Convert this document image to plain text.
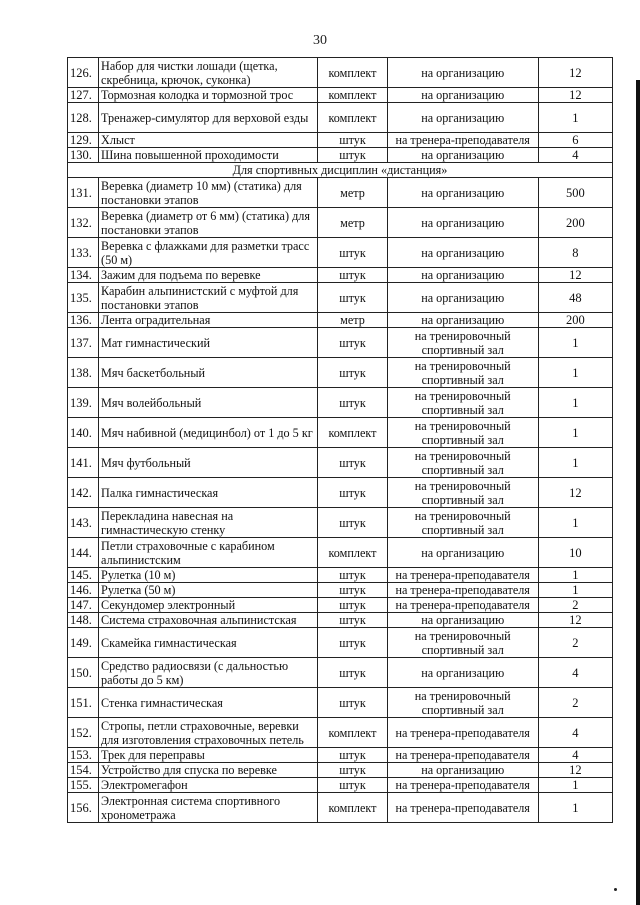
30
126.	Набор для чистки лошади (щетка, скребница, крючок, суконка)	комплект	на организацию	12
127.	Тормозная колодка и тормозной трос	комплект	на организацию	12
128.	Тренажер-симулятор для верховой езды	комплект	на организацию	1
129.	Хлыст	штук	на тренера-преподавателя	6
130.	Шина повышенной проходимости	штук	на организацию	4
Для спортивных дисциплин «дистанция»				
131.	Веревка (диаметр 10 мм) (статика) для постановки этапов	метр	на организацию	500
132.	Веревка (диаметр от 6 мм) (статика) для постановки этапов	метр	на организацию	200
133.	Веревка с флажками для разметки трасс (50 м)	штук	на организацию	8
134.	Зажим для подъема по веревке	штук	на организацию	12
135.	Карабин альпинистский с муфтой для постановки этапов	штук	на организацию	48
136.	Лента оградительная	метр	на организацию	200
137.	Мат гимнастический	штук	на тренировочный спортивный зал	1
138.	Мяч баскетбольный	штук	на тренировочный спортивный зал	1
139.	Мяч волейбольный	штук	на тренировочный спортивный зал	1
140.	Мяч набивной (медицинбол) от 1 до 5 кг	комплект	на тренировочный спортивный зал	1
141.	Мяч футбольный	штук	на тренировочный спортивный зал	1
142.	Палка гимнастическая	штук	на тренировочный спортивный зал	12
143.	Перекладина навесная на гимнастическую стенку	штук	на тренировочный спортивный зал	1
144.	Петли страховочные с карабином альпинистским	комплект	на организацию	10
145.	Рулетка (10 м)	штук	на тренера-преподавателя	1
146.	Рулетка (50 м)	штук	на тренера-преподавателя	1
147.	Секундомер электронный	штук	на тренера-преподавателя	2
148.	Система страховочная альпинистская	штук	на организацию	12
149.	Скамейка гимнастическая	штук	на тренировочный спортивный зал	2
150.	Средство радиосвязи (с дальностью работы до 5 км)	штук	на организацию	4
151.	Стенка гимнастическая	штук	на тренировочный спортивный зал	2
152.	Стропы, петли страховочные, веревки для изготовления страховочных петель	комплект	на тренера-преподавателя	4
153.	Трек для переправы	штук	на тренера-преподавателя	4
154.	Устройство для спуска по веревке	штук	на организацию	12
155.	Электромегафон	штук	на тренера-преподавателя	1
156.	Электронная система спортивного хронометража	комплект	на тренера-преподавателя	1
